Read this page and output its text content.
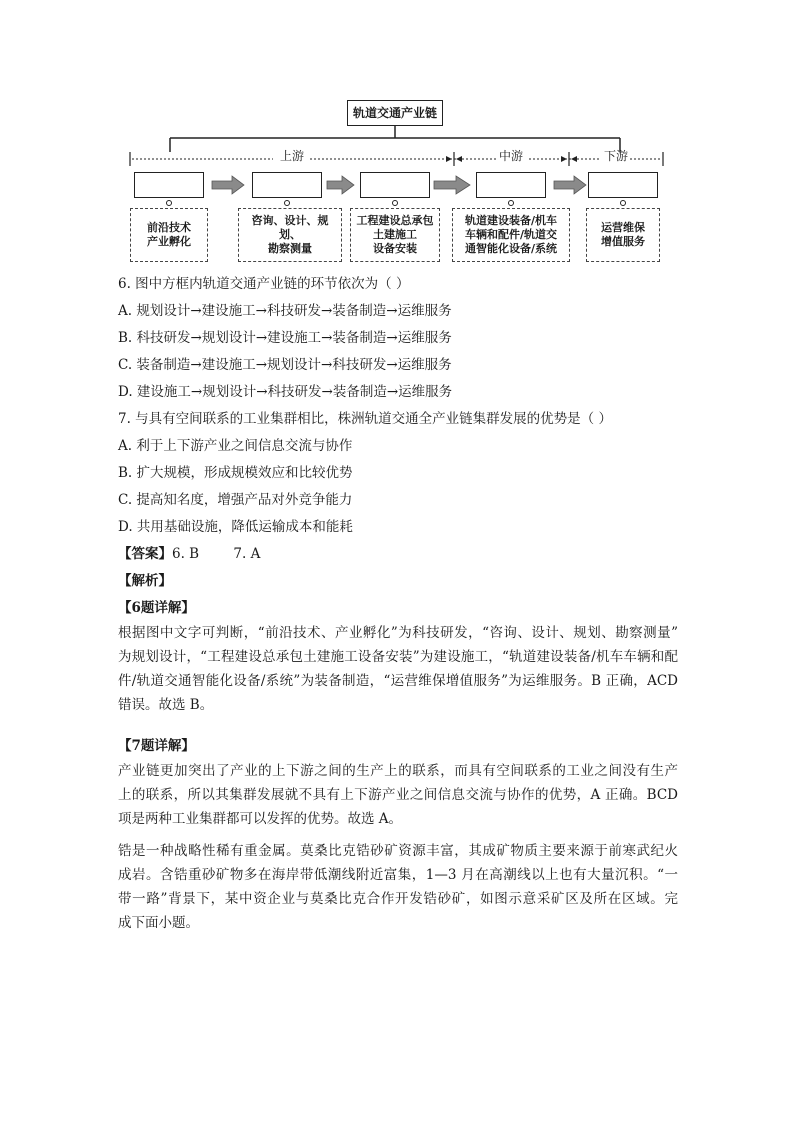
轨道交通产业链
上游	中游	下游
前沿技术
产业孵化
咨询、设计、规划、
勘察测量
工程建设总承包
土建施工
设备安装
轨道建设装备/机车
车辆和配件/轨道交
通智能化设备/系统
运营维保
增值服务
6. 图中方框内轨道交通产业链的环节依次为（ ）
A. 规划设计→建设施工→科技研发→装备制造→运维服务
B. 科技研发→规划设计→建设施工→装备制造→运维服务
C. 装备制造→建设施工→规划设计→科技研发→运维服务
D. 建设施工→规划设计→科技研发→装备制造→运维服务
7. 与具有空间联系的工业集群相比，株洲轨道交通全产业链集群发展的优势是（ ）
A. 利于上下游产业之间信息交流与协作
B. 扩大规模，形成规模效应和比较优势
C. 提高知名度，增强产品对外竞争能力
D. 共用基础设施，降低运输成本和能耗
【答案】6. B        7. A
【解析】
【6题详解】
根据图中文字可判断，“前沿技术、产业孵化”为科技研发，“咨询、设计、规划、勘察测量”
为规划设计，“工程建设总承包土建施工设备安装”为建设施工，“轨道建设装备/机车车辆和配
件/轨道交通智能化设备/系统”为装备制造，“运营维保增值服务”为运维服务。B 正确，ACD
错误。故选 B。
【7题详解】
产业链更加突出了产业的上下游之间的生产上的联系，而具有空间联系的工业之间没有生产
上的联系，所以其集群发展就不具有上下游产业之间信息交流与协作的优势，A 正确。BCD
项是两种工业集群都可以发挥的优势。故选 A。
锆是一种战略性稀有重金属。莫桑比克锆砂矿资源丰富，其成矿物质主要来源于前寒武纪火
成岩。含锆重砂矿物多在海岸带低潮线附近富集，1—3 月在高潮线以上也有大量沉积。“一
带一路”背景下，某中资企业与莫桑比克合作开发锆砂矿，如图示意采矿区及所在区域。完
成下面小题。
